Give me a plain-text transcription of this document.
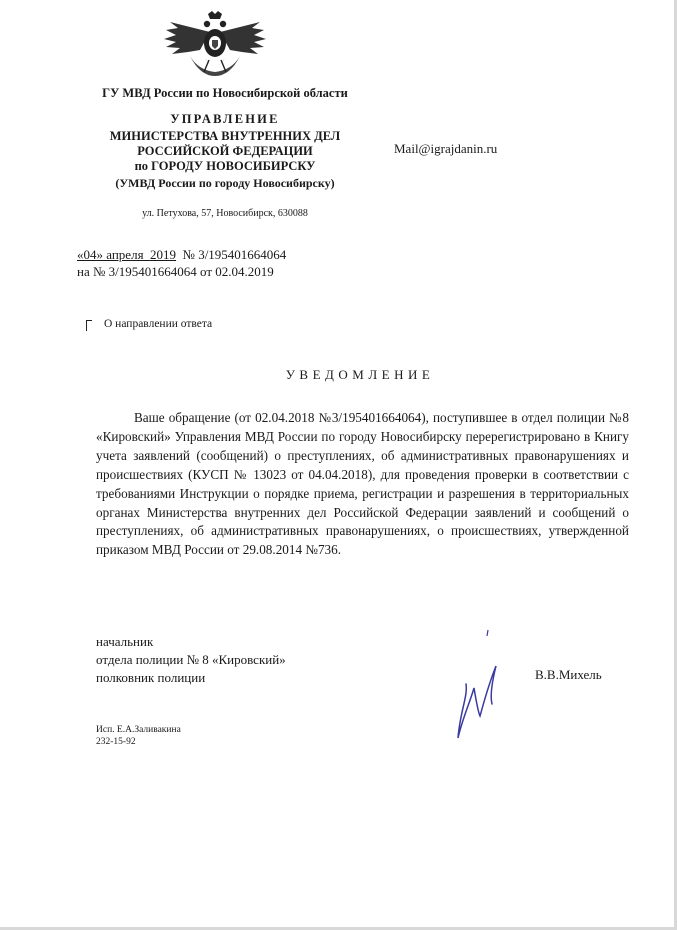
ГУ МВД России по Новосибирской области
УПРАВЛЕНИЕ
МИНИСТЕРСТВА ВНУТРЕННИХ ДЕЛ
РОССИЙСКОЙ ФЕДЕРАЦИИ
по ГОРОДУ НОВОСИБИРСКУ
(УМВД России по городу Новосибирску)
ул. Петухова, 57, Новосибирск, 630088
Mail@igrajdanin.ru
«04» апреля  2019 № 3/195401664064
на № 3/195401664064 от 02.04.2019
О направлении ответа
УВЕДОМЛЕНИЕ
Ваше обращение (от 02.04.2018 №3/195401664064), поступившее в отдел полиции №8 «Кировский» Управления МВД России по городу Новосибирску перерегистрировано в Книгу учета заявлений (сообщений) о преступлениях, об административных правонарушениях и происшествиях (КУСП № 13023 от 04.04.2018), для проведения проверки в соответствии с требованиями Инструкции о порядке приема, регистрации и разрешения в территориальных органах Министерства внутренних дел Российской Федерации заявлений и сообщений о преступлениях, об административных правонарушениях, о происшествиях, утвержденной приказом МВД России от 29.08.2014 №736.
начальник
отдела полиции № 8 «Кировский»
полковник полиции	В.В.Михель
Исп. Е.А.Заливакина
232-15-92
